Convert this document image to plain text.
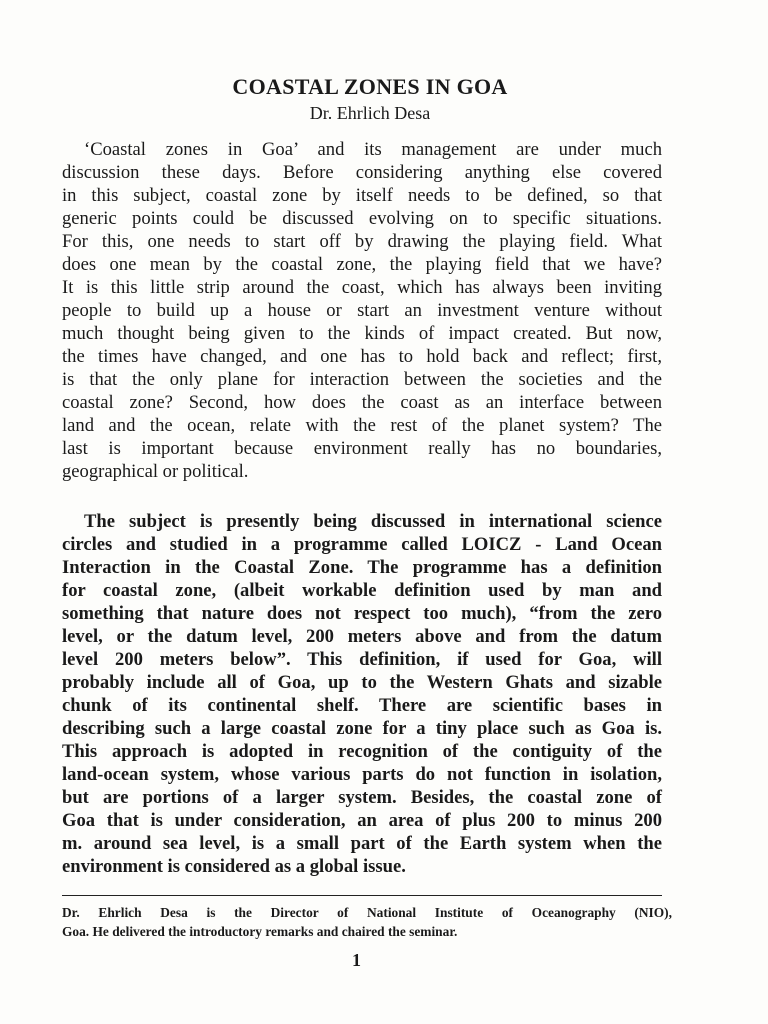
COASTAL ZONES IN GOA
Dr. Ehrlich Desa
‘Coastal zones in Goa’ and its management are under much
discussion these days. Before considering anything else covered
in this subject, coastal zone by itself needs to be defined, so that
generic points could be discussed evolving on to specific situations.
For this, one needs to start off by drawing the playing field. What
does one mean by the coastal zone, the playing field that we have?
It is this little strip around the coast, which has always been inviting
people to build up a house or start an investment venture without
much thought being given to the kinds of impact created. But now,
the times have changed, and one has to hold back and reflect; first,
is that the only plane for interaction between the societies and the
coastal zone? Second, how does the coast as an interface between
land and the ocean, relate with the rest of the planet system? The
last is important because environment really has no boundaries,
geographical or political.
The subject is presently being discussed in international science
circles and studied in a programme called LOICZ - Land Ocean
Interaction in the Coastal Zone. The programme has a definition
for coastal zone, (albeit workable definition used by man and
something that nature does not respect too much), “from the zero
level, or the datum level, 200 meters above and from the datum
level 200 meters below”. This definition, if used for Goa, will
probably include all of Goa, up to the Western Ghats and sizable
chunk of its continental shelf. There are scientific bases in
describing such a large coastal zone for a tiny place such as Goa is.
This approach is adopted in recognition of the contiguity of the
land-ocean system, whose various parts do not function in isolation,
but are portions of a larger system. Besides, the coastal zone of
Goa that is under consideration, an area of plus 200 to minus 200
m. around sea level, is a small part of the Earth system when the
environment is considered as a global issue.
Dr. Ehrlich Desa is the Director of National Institute of Oceanography (NIO),
Goa. He delivered the introductory remarks and chaired the seminar.
1
